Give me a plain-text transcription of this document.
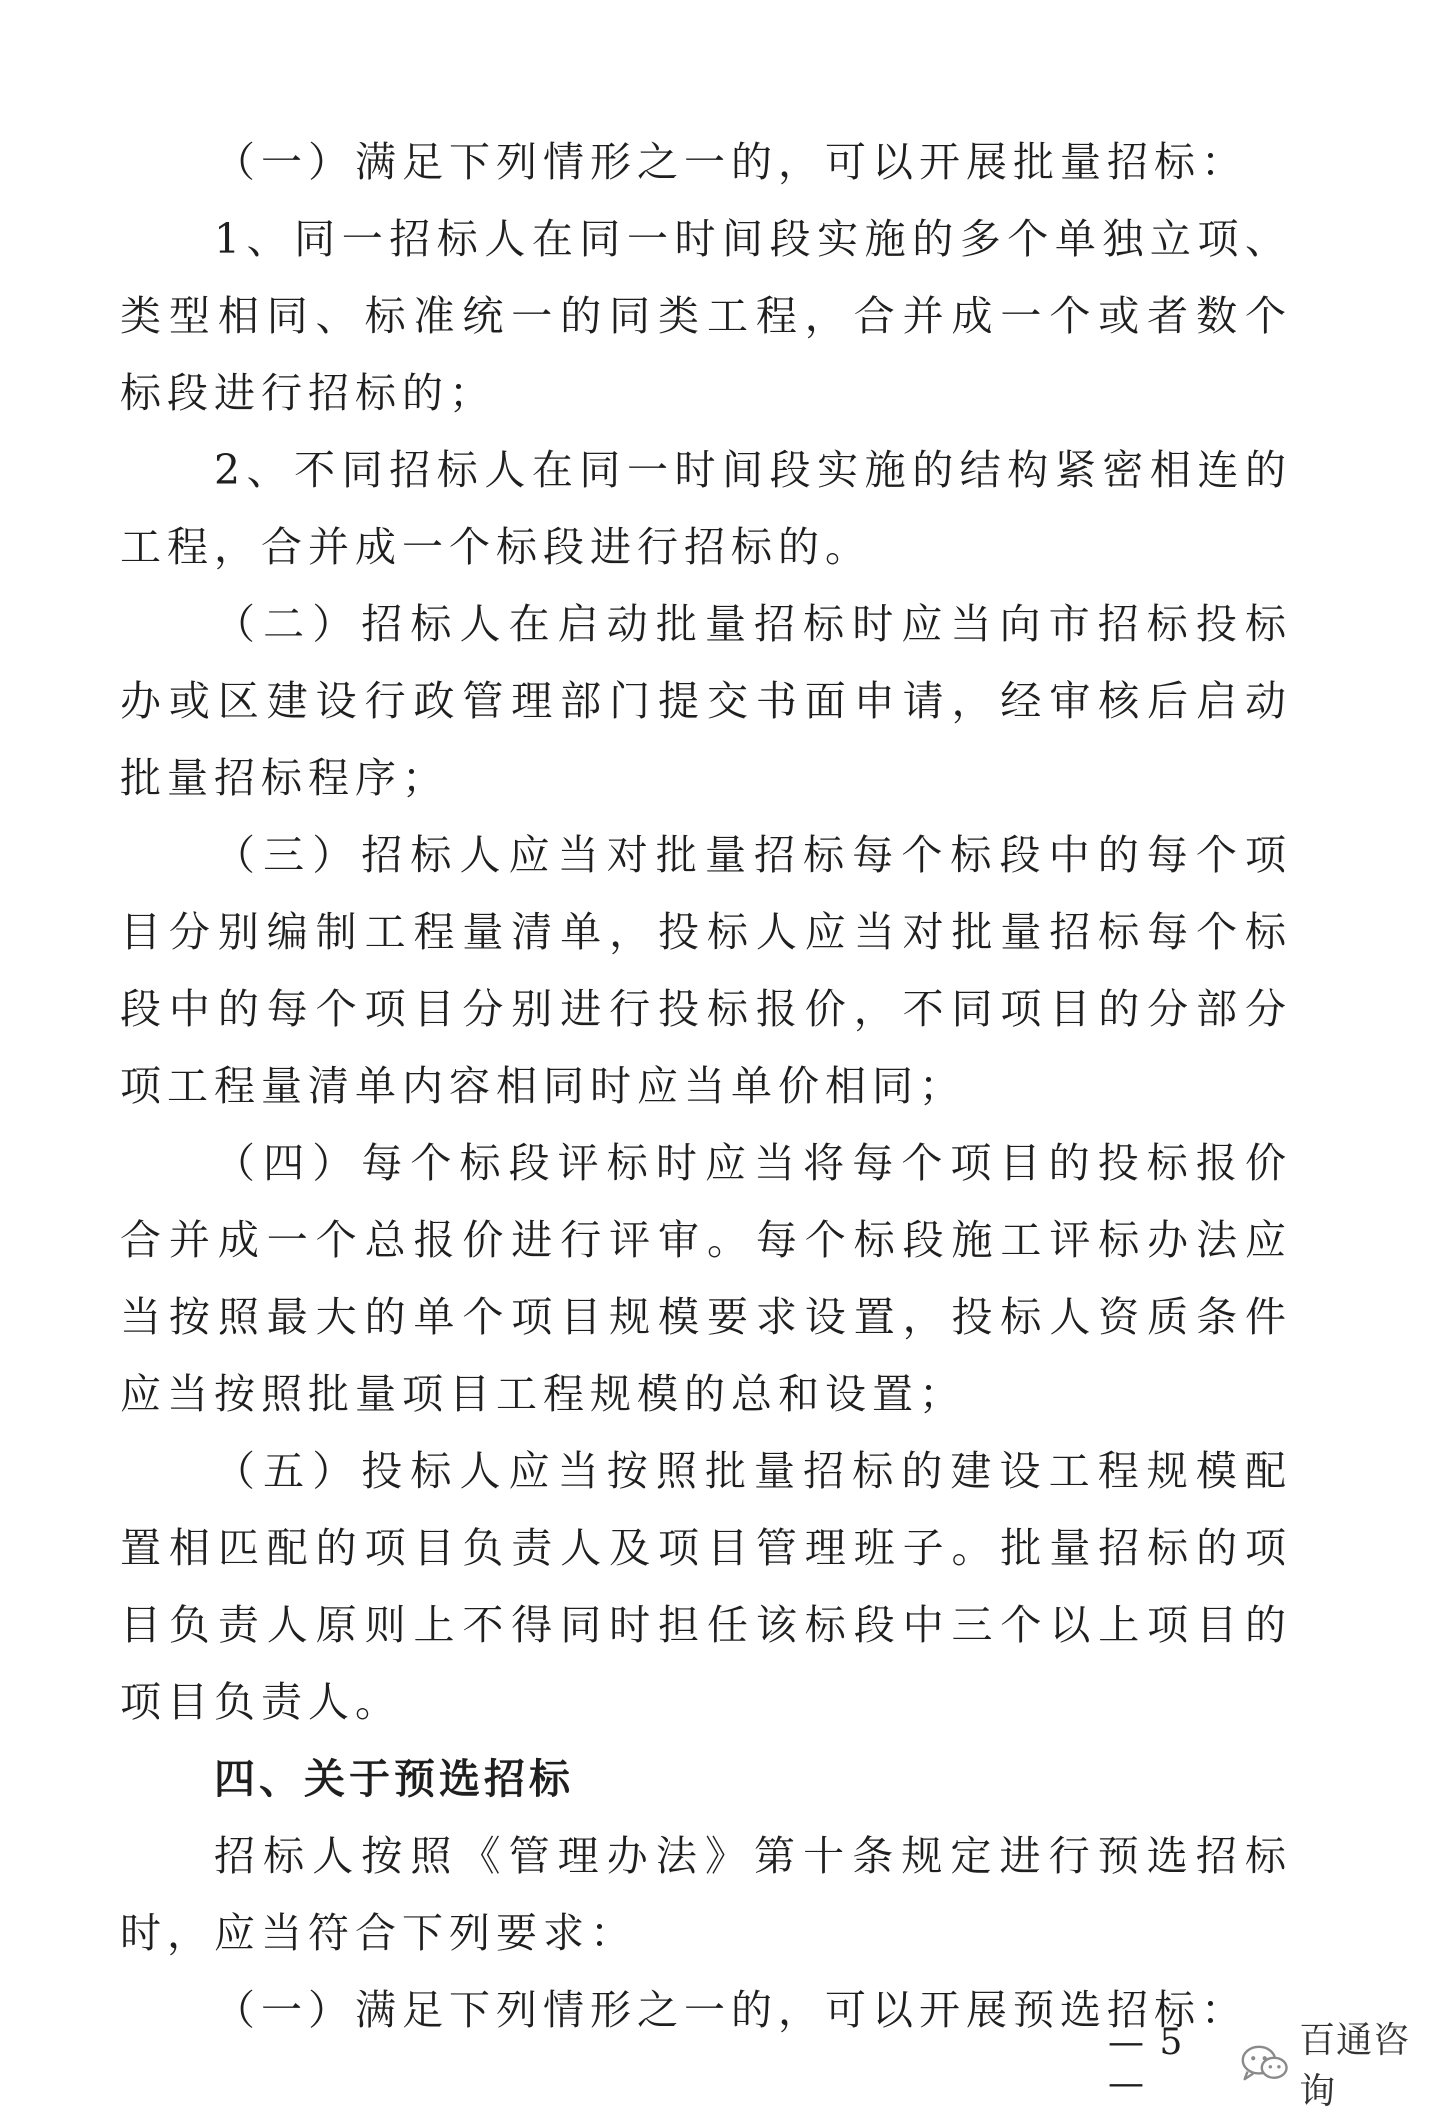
（一）满足下列情形之一的，可以开展批量招标：

1、同一招标人在同一时间段实施的多个单独立项、类型相同、标准统一的同类工程，合并成一个或者数个标段进行招标的；

2、不同招标人在同一时间段实施的结构紧密相连的工程，合并成一个标段进行招标的。

（二）招标人在启动批量招标时应当向市招标投标办或区建设行政管理部门提交书面申请，经审核后启动批量招标程序；

（三）招标人应当对批量招标每个标段中的每个项目分别编制工程量清单，投标人应当对批量招标每个标段中的每个项目分别进行投标报价，不同项目的分部分项工程量清单内容相同时应当单价相同；

（四）每个标段评标时应当将每个项目的投标报价合并成一个总报价进行评审。每个标段施工评标办法应当按照最大的单个项目规模要求设置，投标人资质条件应当按照批量项目工程规模的总和设置；

（五）投标人应当按照批量招标的建设工程规模配置相匹配的项目负责人及项目管理班子。批量招标的项目负责人原则上不得同时担任该标段中三个以上项目的项目负责人。

四、关于预选招标

招标人按照《管理办法》第十条规定进行预选招标时，应当符合下列要求：

（一）满足下列情形之一的，可以开展预选招标：

— 5 —
百通咨询
